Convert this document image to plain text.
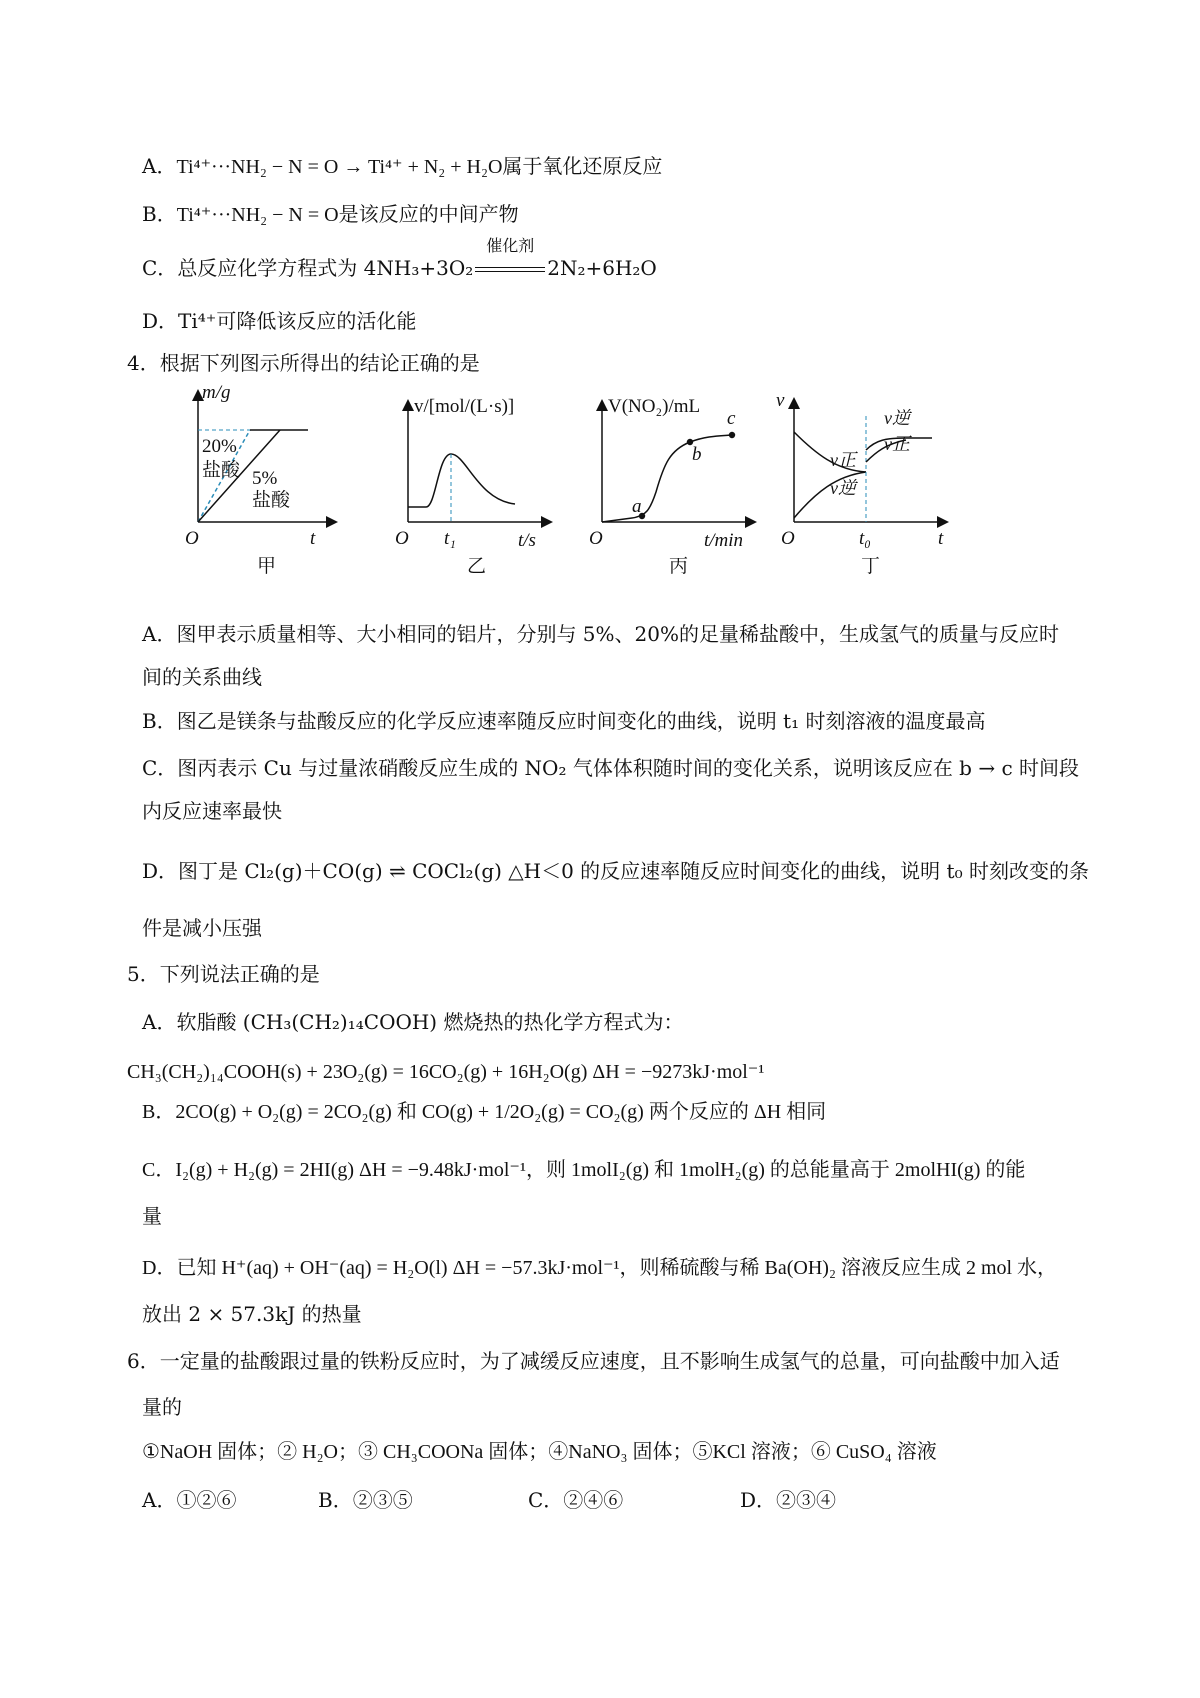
A．Ti⁴⁺···NH₂ − N = O → Ti⁴⁺ + N₂ + H₂O属于氧化还原反应
B．Ti⁴⁺···NH₂ − N = O是该反应的中间产物
C．总反应化学方程式为 4NH₃+3O₂
催化剂
2N₂+6H₂O
D．Ti⁴⁺可降低该反应的活化能
4．根据下列图示所得出的结论正确的是
m/g
20%
盐酸 5%
盐酸
O	t
甲
v/[mol/(L·s)]
O t₁	t/s
乙
V(NO₂)/mL
a
b
c
O	t/min
丙
v
v逆
v正
v正
v逆
O	t₀	t
丁
A．图甲表示质量相等、大小相同的铝片，分别与 5%、20%的足量稀盐酸中，生成氢气的质量与反应时
间的关系曲线
B．图乙是镁条与盐酸反应的化学反应速率随反应时间变化的曲线，说明 t₁ 时刻溶液的温度最高
C．图丙表示 Cu 与过量浓硝酸反应生成的 NO₂ 气体体积随时间的变化关系，说明该反应在 b → c 时间段
内反应速率最快
D．图丁是 Cl₂(g)＋CO(g) ⇌ COCl₂(g) △H＜0 的反应速率随反应时间变化的曲线，说明 t₀ 时刻改变的条
件是减小压强
5．下列说法正确的是
A．软脂酸 (CH₃(CH₂)₁₄COOH) 燃烧热的热化学方程式为：
CH₃(CH₂)₁₄COOH(s) + 23O₂(g) = 16CO₂(g) + 16H₂O(g) ΔH = −9273kJ·mol⁻¹
B．2CO(g) + O₂(g) = 2CO₂(g) 和 CO(g) + 1/2O₂(g) = CO₂(g) 两个反应的 ΔH 相同
C．I₂(g) + H₂(g) = 2HI(g) ΔH = −9.48kJ·mol⁻¹，则 1molI₂(g) 和 1molH₂(g) 的总能量高于 2molHI(g) 的能
量
D．已知 H⁺(aq) + OH⁻(aq) = H₂O(l) ΔH = −57.3kJ·mol⁻¹，则稀硫酸与稀 Ba(OH)₂ 溶液反应生成 2 mol 水，
放出 2 × 57.3kJ 的热量
6．一定量的盐酸跟过量的铁粉反应时，为了减缓反应速度，且不影响生成氢气的总量，可向盐酸中加入适
量的
①NaOH 固体；② H₂O；③ CH₃COONa 固体；④NaNO₃ 固体；⑤KCl 溶液；⑥ CuSO₄ 溶液
A．①②⑥	B．②③⑤	C．②④⑥	D．②③④
